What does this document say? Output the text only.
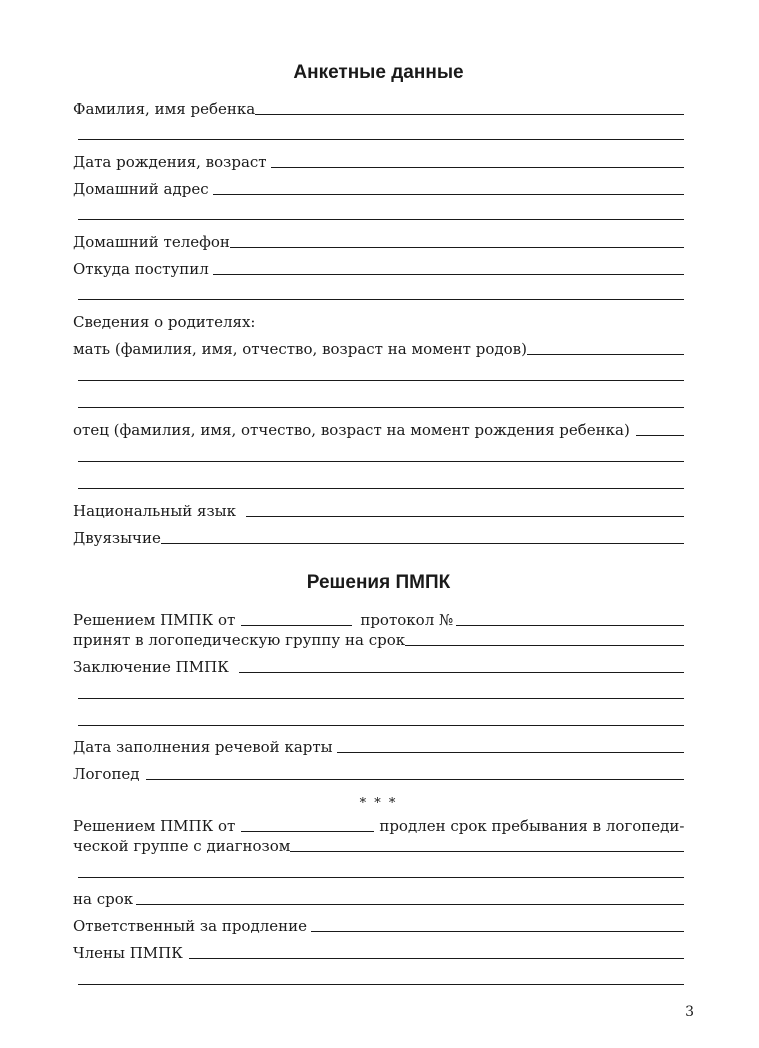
Анкетные данные
Фамилия, имя ребенка
Дата рождения, возраст
Домашний адрес
Домашний телефон
Откуда поступил
Сведения о родителях:
мать (фамилия, имя, отчество, возраст на момент родов)
отец (фамилия, имя, отчество, возраст на момент рождения ребенка)
Национальный язык
Двуязычие
Решения ПМПК
Решением ПМПК от	протокол №
принят в логопедическую группу на срок
Заключение ПМПК
Дата заполнения речевой карты
Логопед
* * *
Решением ПМПК от	продлен срок пребывания в логопеди-
ческой группе с диагнозом
на срок
Ответственный за продление
Члены ПМПК
3
